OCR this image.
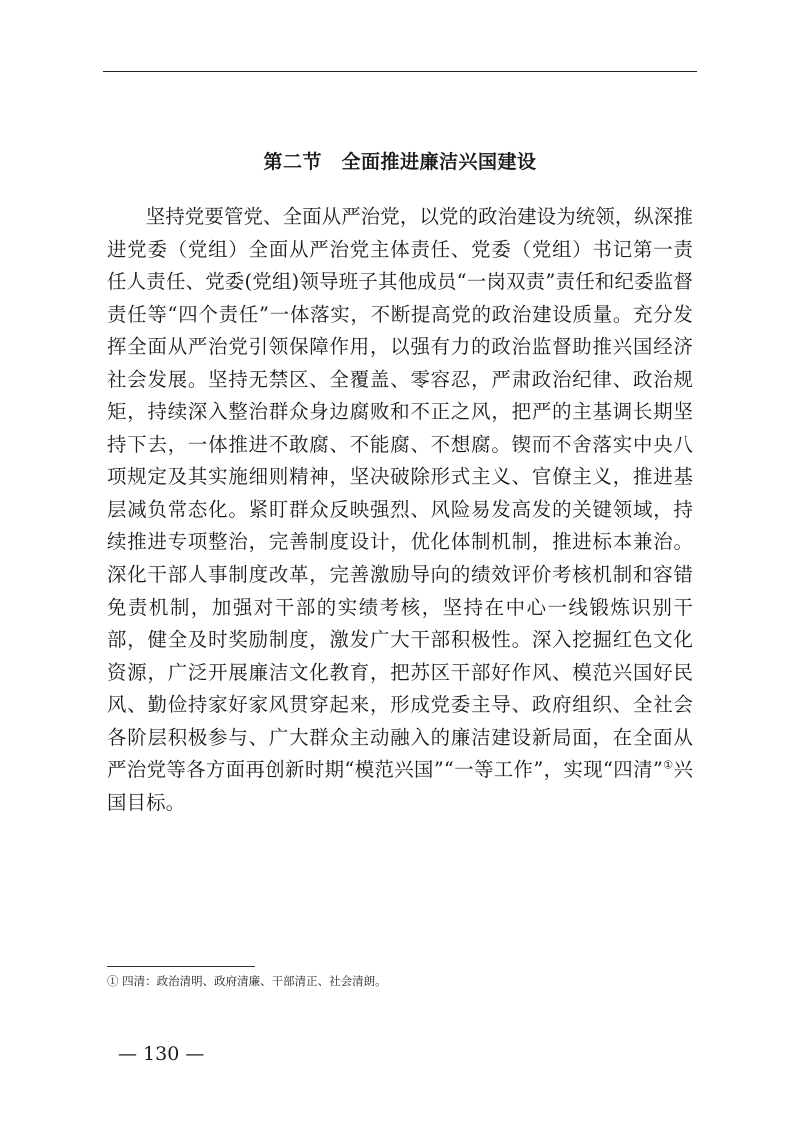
第二节　全面推进廉洁兴国建设

坚持党要管党、全面从严治党，以党的政治建设为统领，纵深推进党委（党组）全面从严治党主体责任、党委（党组）书记第一责任人责任、党委(党组)领导班子其他成员“一岗双责”责任和纪委监督责任等“四个责任”一体落实，不断提高党的政治建设质量。充分发挥全面从严治党引领保障作用，以强有力的政治监督助推兴国经济社会发展。坚持无禁区、全覆盖、零容忍，严肃政治纪律、政治规矩，持续深入整治群众身边腐败和不正之风，把严的主基调长期坚持下去，一体推进不敢腐、不能腐、不想腐。锲而不舍落实中央八项规定及其实施细则精神，坚决破除形式主义、官僚主义，推进基层减负常态化。紧盯群众反映强烈、风险易发高发的关键领域，持续推进专项整治，完善制度设计，优化体制机制，推进标本兼治。深化干部人事制度改革，完善激励导向的绩效评价考核机制和容错免责机制，加强对干部的实绩考核，坚持在中心一线锻炼识别干部，健全及时奖励制度，激发广大干部积极性。深入挖掘红色文化资源，广泛开展廉洁文化教育，把苏区干部好作风、模范兴国好民风、勤俭持家好家风贯穿起来，形成党委主导、政府组织、全社会各阶层积极参与、广大群众主动融入的廉洁建设新局面，在全面从严治党等各方面再创新时期“模范兴国”“一等工作”，实现“四清”①兴国目标。

① 四清：政治清明、政府清廉、干部清正、社会清朗。
— 130 —
